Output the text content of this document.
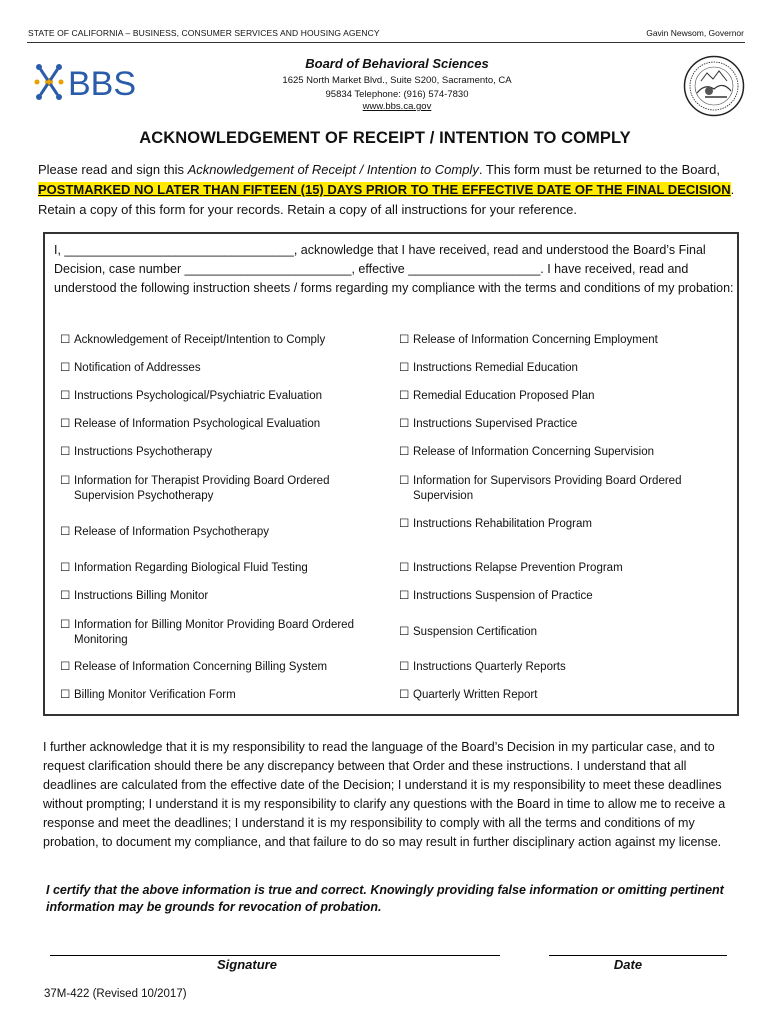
STATE OF CALIFORNIA – BUSINESS, CONSUMER SERVICES AND HOUSING AGENCY	Gavin Newsom, Governor
BBS
Board of Behavioral Sciences
1625 North Market Blvd., Suite S200, Sacramento, CA
95834 Telephone: (916) 574-7830
www.bbs.ca.gov
ACKNOWLEDGEMENT OF RECEIPT / INTENTION TO COMPLY
Please read and sign this Acknowledgement of Receipt / Intention to Comply. This form must be returned to the Board, POSTMARKED NO LATER THAN FIFTEEN (15) DAYS PRIOR TO THE EFFECTIVE DATE OF THE FINAL DECISION. Retain a copy of this form for your records. Retain a copy of all instructions for your reference.
I, _________________________________, acknowledge that I have received, read and understood the Board’s Final Decision, case number ________________________, effective ___________________. I have received, read and understood the following instruction sheets / forms regarding my compliance with the terms and conditions of my probation:
☐ Acknowledgement of Receipt/Intention to Comply
☐ Notification of Addresses
☐ Instructions Psychological/Psychiatric Evaluation
☐ Release of Information Psychological Evaluation
☐ Instructions Psychotherapy
☐ Information for Therapist Providing Board Ordered Supervision Psychotherapy
☐ Release of Information Psychotherapy
☐ Information Regarding Biological Fluid Testing
☐ Instructions Billing Monitor
☐ Information for Billing Monitor Providing Board Ordered Monitoring
☐ Release of Information Concerning Billing System
☐ Billing Monitor Verification Form
☐ Release of Information Concerning Employment
☐ Instructions Remedial Education
☐ Remedial Education Proposed Plan
☐ Instructions Supervised Practice
☐ Release of Information Concerning Supervision
☐ Information for Supervisors Providing Board Ordered Supervision
☐ Instructions Rehabilitation Program
☐ Instructions Relapse Prevention Program
☐ Instructions Suspension of Practice
☐ Suspension Certification
☐ Instructions Quarterly Reports
☐ Quarterly Written Report
I further acknowledge that it is my responsibility to read the language of the Board’s Decision in my particular case, and to request clarification should there be any discrepancy between that Order and these instructions. I understand that all deadlines are calculated from the effective date of the Decision; I understand it is my responsibility to meet these deadlines without prompting; I understand it is my responsibility to clarify any questions with the Board in time to allow me to receive a response and meet the deadlines; I understand it is my responsibility to comply with all the terms and conditions of my probation, to document my compliance, and that failure to do so may result in further disciplinary action against my license.
I certify that the above information is true and correct. Knowingly providing false information or omitting pertinent information may be grounds for revocation of probation.
Signature	Date
37M-422 (Revised 10/2017)
